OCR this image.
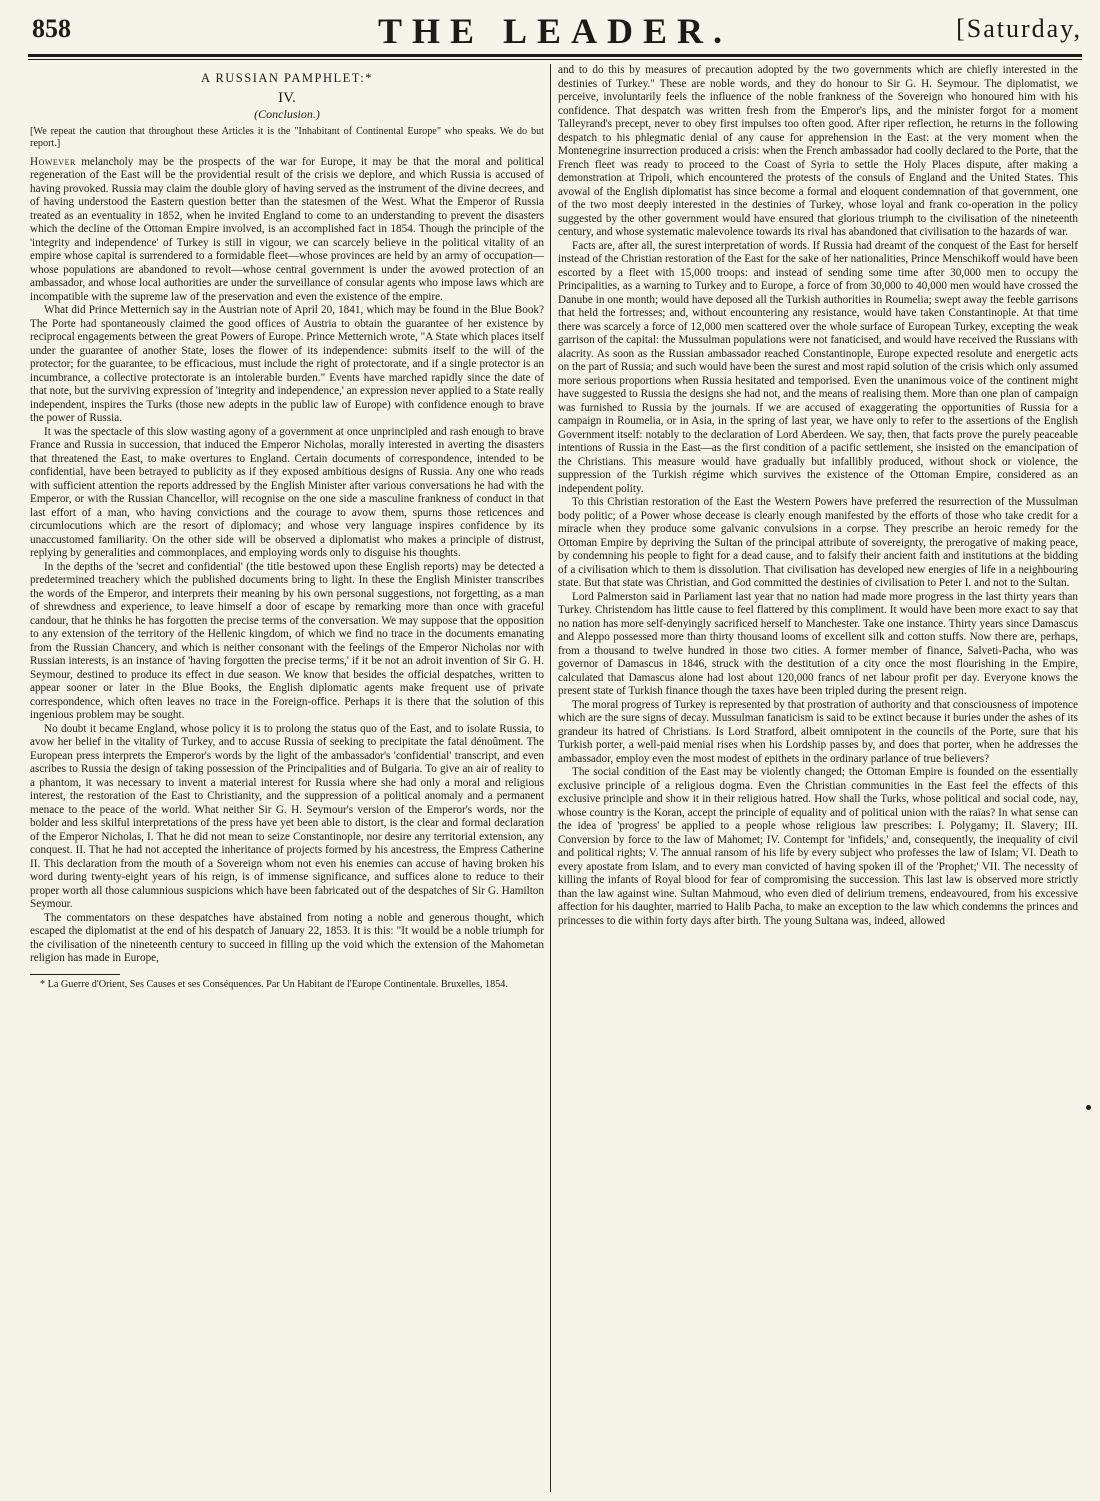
858	THE LEADER.	[Saturday,
A RUSSIAN PAMPHLET:*
IV.
(Conclusion.)
[We repeat the caution that throughout these Articles it is the "Inhabitant of Continental Europe" who speaks. We do but report.]

However melancholy may be the prospects of the war for Europe, it may be that the moral and political regeneration of the East will be the providential result of the crisis we deplore, and which Russia is accused of having provoked. Russia may claim the double glory of having served as the instrument of the divine decrees, and of having understood the Eastern question better than the statesmen of the West. What the Emperor of Russia treated as an eventuality in 1852, when he invited England to come to an understanding to prevent the disasters which the decline of the Ottoman Empire involved, is an accomplished fact in 1854. Though the principle of the 'integrity and independence' of Turkey is still in vigour, we can scarcely believe in the political vitality of an empire whose capital is surrendered to a formidable fleet—whose provinces are held by an army of occupation—whose populations are abandoned to revolt—whose central government is under the avowed protection of an ambassador, and whose local authorities are under the surveillance of consular agents who impose laws which are incompatible with the supreme law of the preservation and even the existence of the empire.

What did Prince Metternich say in the Austrian note of April 20, 1841, which may be found in the Blue Book? The Porte had spontaneously claimed the good offices of Austria to obtain the guarantee of her existence by reciprocal engagements between the great Powers of Europe. Prince Metternich wrote, "A State which places itself under the guarantee of another State, loses the flower of its independence: submits itself to the will of the protector; for the guarantee, to be efficacious, must include the right of protectorate, and if a single protector is an incumbrance, a collective protectorate is an intolerable burden." Events have marched rapidly since the date of that note, but the surviving expression of 'integrity and independence,' an expression never applied to a State really independent, inspires the Turks (those new adepts in the public law of Europe) with confidence enough to brave the power of Russia.

It was the spectacle of this slow wasting agony of a government at once unprincipled and rash enough to brave France and Russia in succession, that induced the Emperor Nicholas, morally interested in averting the disasters that threatened the East, to make overtures to England. Certain documents of correspondence, intended to be confidential, have been betrayed to publicity as if they exposed ambitious designs of Russia. Any one who reads with sufficient attention the reports addressed by the English Minister after various conversations he had with the Emperor, or with the Russian Chancellor, will recognise on the one side a masculine frankness of conduct in that last effort of a man, who having convictions and the courage to avow them, spurns those reticences and circumlocutions which are the resort of diplomacy; and whose very language inspires confidence by its unaccustomed familiarity. On the other side will be observed a diplomatist who makes a principle of distrust, replying by generalities and commonplaces, and employing words only to disguise his thoughts.

In the depths of the 'secret and confidential' (the title bestowed upon these English reports) may be detected a predetermined treachery which the published documents bring to light. In these the English Minister transcribes the words of the Emperor, and interprets their meaning by his own personal suggestions, not forgetting, as a man of shrewdness and experience, to leave himself a door of escape by remarking more than once with graceful candour, that he thinks he has forgotten the precise terms of the conversation. We may suppose that the opposition to any extension of the territory of the Hellenic kingdom, of which we find no trace in the documents emanating from the Russian Chancery, and which is neither consonant with the feelings of the Emperor Nicholas nor with Russian interests, is an instance of 'having forgotten the precise terms,' if it be not an adroit invention of Sir G. H. Seymour, destined to produce its effect in due season. We know that besides the official despatches, written to appear sooner or later in the Blue Books, the English diplomatic agents make frequent use of private correspondence, which often leaves no trace in the Foreign-office. Perhaps it is there that the solution of this ingenious problem may be sought.

No doubt it became England, whose policy it is to prolong the status quo of the East, and to isolate Russia, to avow her belief in the vitality of Turkey, and to accuse Russia of seeking to precipitate the fatal dénoûment. The European press interprets the Emperor's words by the light of the ambassador's 'confidential' transcript, and even ascribes to Russia the design of taking possession of the Principalities and of Bulgaria. To give an air of reality to a phantom, it was necessary to invent a material interest for Russia where she had only a moral and religious interest, the restoration of the East to Christianity, and the suppression of a political anomaly and a permanent menace to the peace of the world. What neither Sir G. H. Seymour's version of the Emperor's words, nor the bolder and less skilful interpretations of the press have yet been able to distort, is the clear and formal declaration of the Emperor Nicholas, I. That he did not mean to seize Constantinople, nor desire any territorial extension, any conquest. II. That he had not accepted the inheritance of projects formed by his ancestress, the Empress Catherine II. This declaration from the mouth of a Sovereign whom not even his enemies can accuse of having broken his word during twenty-eight years of his reign, is of immense significance, and suffices alone to reduce to their proper worth all those calumnious suspicions which have been fabricated out of the despatches of Sir G. Hamilton Seymour.

The commentators on these despatches have abstained from noting a noble and generous thought, which escaped the diplomatist at the end of his despatch of January 22, 1853. It is this: "It would be a noble triumph for the civilisation of the nineteenth century to succeed in filling up the void which the extension of the Mahometan religion has made in Europe,

* La Guerre d'Orient, Ses Causes et ses Conséquences. Par Un Habitant de l'Europe Continentale. Bruxelles, 1854.

and to do this by measures of precaution adopted by the two governments which are chiefly interested in the destinies of Turkey." These are noble words, and they do honour to Sir G. H. Seymour. The diplomatist, we perceive, involuntarily feels the influence of the noble frankness of the Sovereign who honoured him with his confidence. That despatch was written fresh from the Emperor's lips, and the minister forgot for a moment Talleyrand's precept, never to obey first impulses too often good. After riper reflection, he returns in the following despatch to his phlegmatic denial of any cause for apprehension in the East: at the very moment when the Montenegrine insurrection produced a crisis: when the French ambassador had coolly declared to the Porte, that the French fleet was ready to proceed to the Coast of Syria to settle the Holy Places dispute, after making a demonstration at Tripoli, which encountered the protests of the consuls of England and the United States. This avowal of the English diplomatist has since become a formal and eloquent condemnation of that government, one of the two most deeply interested in the destinies of Turkey, whose loyal and frank co-operation in the policy suggested by the other government would have ensured that glorious triumph to the civilisation of the nineteenth century, and whose systematic malevolence towards its rival has abandoned that civilisation to the hazards of war.

Facts are, after all, the surest interpretation of words. If Russia had dreamt of the conquest of the East for herself instead of the Christian restoration of the East for the sake of her nationalities, Prince Menschikoff would have been escorted by a fleet with 15,000 troops: and instead of sending some time after 30,000 men to occupy the Principalities, as a warning to Turkey and to Europe, a force of from 30,000 to 40,000 men would have crossed the Danube in one month; would have deposed all the Turkish authorities in Roumelia; swept away the feeble garrisons that held the fortresses; and, without encountering any resistance, would have taken Constantinople. At that time there was scarcely a force of 12,000 men scattered over the whole surface of European Turkey, excepting the weak garrison of the capital: the Mussulman populations were not fanaticised, and would have received the Russians with alacrity. As soon as the Russian ambassador reached Constantinople, Europe expected resolute and energetic acts on the part of Russia; and such would have been the surest and most rapid solution of the crisis which only assumed more serious proportions when Russia hesitated and temporised. Even the unanimous voice of the continent might have suggested to Russia the designs she had not, and the means of realising them. More than one plan of campaign was furnished to Russia by the journals. If we are accused of exaggerating the opportunities of Russia for a campaign in Roumelia, or in Asia, in the spring of last year, we have only to refer to the assertions of the English Government itself: notably to the declaration of Lord Aberdeen. We say, then, that facts prove the purely peaceable intentions of Russia in the East—as the first condition of a pacific settlement, she insisted on the emancipation of the Christians. This measure would have gradually but infallibly produced, without shock or violence, the suppression of the Turkish régime which survives the existence of the Ottoman Empire, considered as an independent polity.

To this Christian restoration of the East the Western Powers have preferred the resurrection of the Mussulman body politic; of a Power whose decease is clearly enough manifested by the efforts of those who take credit for a miracle when they produce some galvanic convulsions in a corpse. They prescribe an heroic remedy for the Ottoman Empire by depriving the Sultan of the principal attribute of sovereignty, the prerogative of making peace, by condemning his people to fight for a dead cause, and to falsify their ancient faith and institutions at the bidding of a civilisation which to them is dissolution. That civilisation has developed new energies of life in a neighbouring state. But that state was Christian, and God committed the destinies of civilisation to Peter I. and not to the Sultan.

Lord Palmerston said in Parliament last year that no nation had made more progress in the last thirty years than Turkey. Christendom has little cause to feel flattered by this compliment. It would have been more exact to say that no nation has more self-denyingly sacrificed herself to Manchester. Take one instance. Thirty years since Damascus and Aleppo possessed more than thirty thousand looms of excellent silk and cotton stuffs. Now there are, perhaps, from a thousand to twelve hundred in those two cities. A former member of finance, Salveti-Pacha, who was governor of Damascus in 1846, struck with the destitution of a city once the most flourishing in the Empire, calculated that Damascus alone had lost about 120,000 francs of net labour profit per day. Everyone knows the present state of Turkish finance though the taxes have been tripled during the present reign.

The moral progress of Turkey is represented by that prostration of authority and that consciousness of impotence which are the sure signs of decay. Mussulman fanaticism is said to be extinct because it buries under the ashes of its grandeur its hatred of Christians. Is Lord Stratford, albeit omnipotent in the councils of the Porte, sure that his Turkish porter, a well-paid menial rises when his Lordship passes by, and does that porter, when he addresses the ambassador, employ even the most modest of epithets in the ordinary parlance of true believers?

The social condition of the East may be violently changed; the Ottoman Empire is founded on the essentially exclusive principle of a religious dogma. Even the Christian communities in the East feel the effects of this exclusive principle and show it in their religious hatred. How shall the Turks, whose political and social code, nay, whose country is the Koran, accept the principle of equality and of political union with the raïas? In what sense can the idea of 'progress' be applied to a people whose religious law prescribes: I. Polygamy; II. Slavery; III. Conversion by force to the law of Mahomet; IV. Contempt for 'infidels,' and, consequently, the inequality of civil and political rights; V. The annual ransom of his life by every subject who professes the law of Islam; VI. Death to every apostate from Islam, and to every man convicted of having spoken ill of the 'Prophet;' VII. The necessity of killing the infants of Royal blood for fear of compromising the succession. This last law is observed more strictly than the law against wine. Sultan Mahmoud, who even died of delirium tremens, endeavoured, from his excessive affection for his daughter, married to Halib Pacha, to make an exception to the law which condemns the princes and princesses to die within forty days after birth. The young Sultana was, indeed, allowed
